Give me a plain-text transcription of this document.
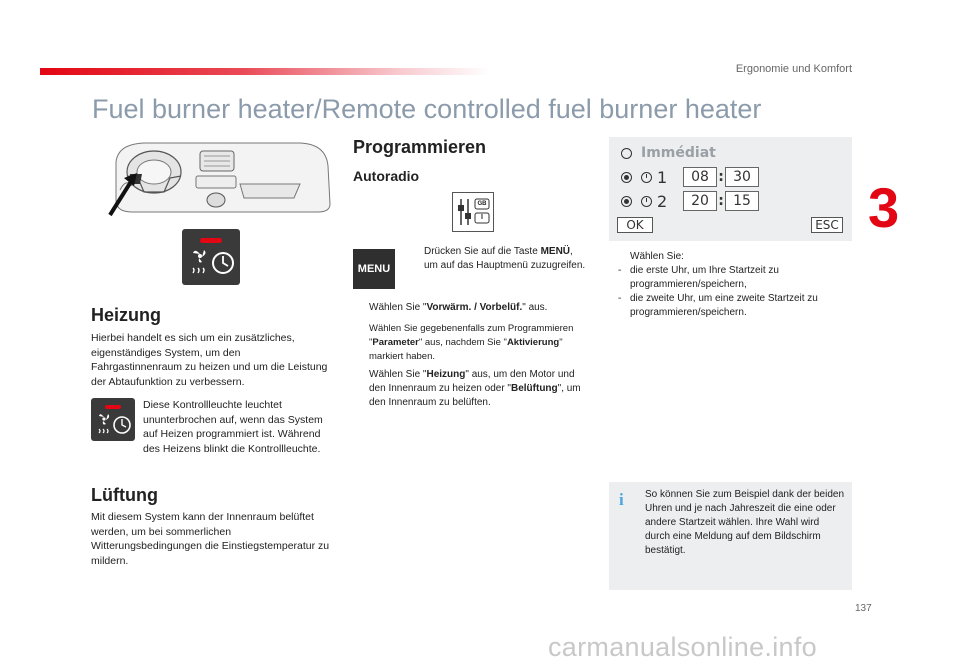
Ergonomie und Komfort
3
Fuel burner heater/Remote controlled fuel burner heater
Heizung
Hierbei handelt es sich um ein zusätzliches, eigenständiges System, um den Fahrgastinnenraum zu heizen und um die Leistung der Abtaufunktion zu verbessern.
Diese Kontrollleuchte leuchtet ununterbrochen auf, wenn das System auf Heizen programmiert ist. Während des Heizens blinkt die Kontrollleuchte.
Lüftung
Mit diesem System kann der Innenraum belüftet werden, um bei sommerlichen Witterungsbedingungen die Einstiegstemperatur zu mildern.
Programmieren
Autoradio
GB
I
MENU
Drücken Sie auf die Taste MENÜ, um auf das Hauptmenü zuzugreifen.
Wählen Sie "Vorwärm. / Vorbelüf." aus.
Wählen Sie gegebenenfalls zum Programmieren "Parameter" aus, nachdem Sie "Aktivierung" markiert haben.
Wählen Sie "Heizung" aus, um den Motor und den Innenraum zu heizen oder "Belüftung", um den Innenraum zu belüften.
Immédiat
1	08 : 30
2	20 : 15
OK	ESC
Wählen Sie:
- die erste Uhr, um Ihre Startzeit zu programmieren/speichern,
- die zweite Uhr, um eine zweite Startzeit zu programmieren/speichern.
i	So können Sie zum Beispiel dank der beiden Uhren und je nach Jahreszeit die eine oder andere Startzeit wählen. Ihre Wahl wird durch eine Meldung auf dem Bildschirm bestätigt.
137
carmanualsonline.info
